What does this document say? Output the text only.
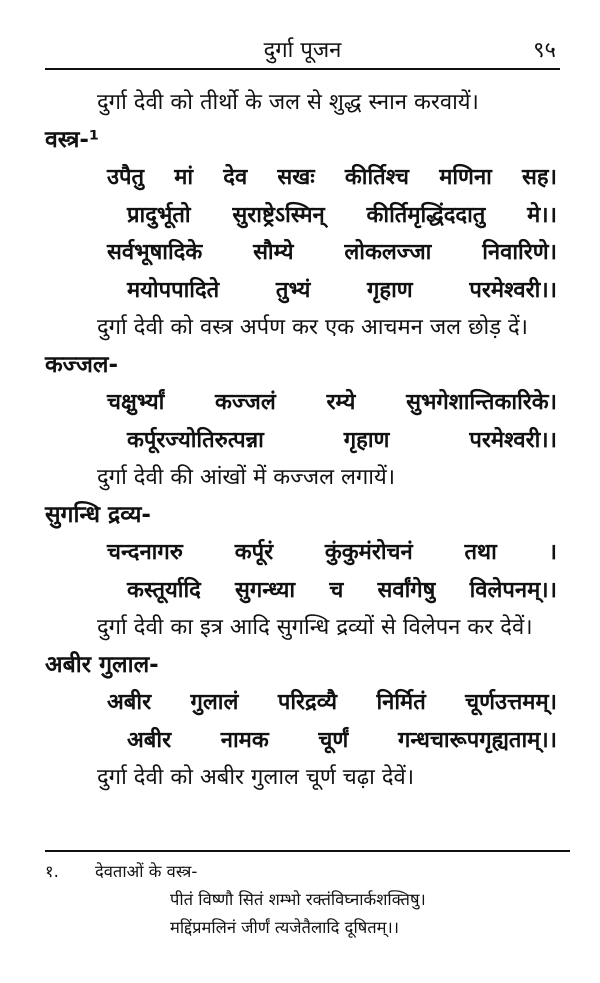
दुर्गा पूजन	९५
दुर्गा देवी को तीर्थो के जल से शुद्ध स्नान करवायें।
वस्त्र-¹
उपैतु मां देव सखः कीर्तिश्च मणिना सह।
प्रादुर्भूतो सुराष्ट्रेऽस्मिन् कीर्तिमृद्धिंददातु मे।।
सर्वभूषादिके सौम्ये लोकलज्जा निवारिणे।
मयोपपादिते	तुभ्यं	गृहाण	परमेश्वरी।।
दुर्गा देवी को वस्त्र अर्पण कर एक आचमन जल छोड़ दें।
कज्जल-
चक्षुर्भ्यां कज्जलं रम्ये सुभगेशान्तिकारिके।
कर्पूरज्योतिरुत्पन्ना	गृहाण	परमेश्वरी।।
दुर्गा देवी की आंखों में कज्जल लगायें।
सुगन्धि द्रव्य-
चन्दनागरु कर्पूरं कुंकुमंरोचनं तथा ।
कस्तूर्यादि सुगन्ध्या च सर्वांगेषु विलेपनम्।।
दुर्गा देवी का इत्र आदि सुगन्धि द्रव्यों से विलेपन कर देवें।
अबीर गुलाल-
अबीर गुलालं परिद्रव्यै निर्मितं चूर्णउत्तमम्।
अबीर नामक चूर्णं गन्धचारूपगृह्यताम्।।
दुर्गा देवी को अबीर गुलाल चूर्ण चढ़ा देवें।
१. देवताओं के वस्त्र-
पीतं विष्णौ सितं शम्भो रक्तंविघ्नार्कशक्तिषु।
मद्दिंप्रमलिनं जीर्णं त्यजेतैलादि दूषितम्।।
